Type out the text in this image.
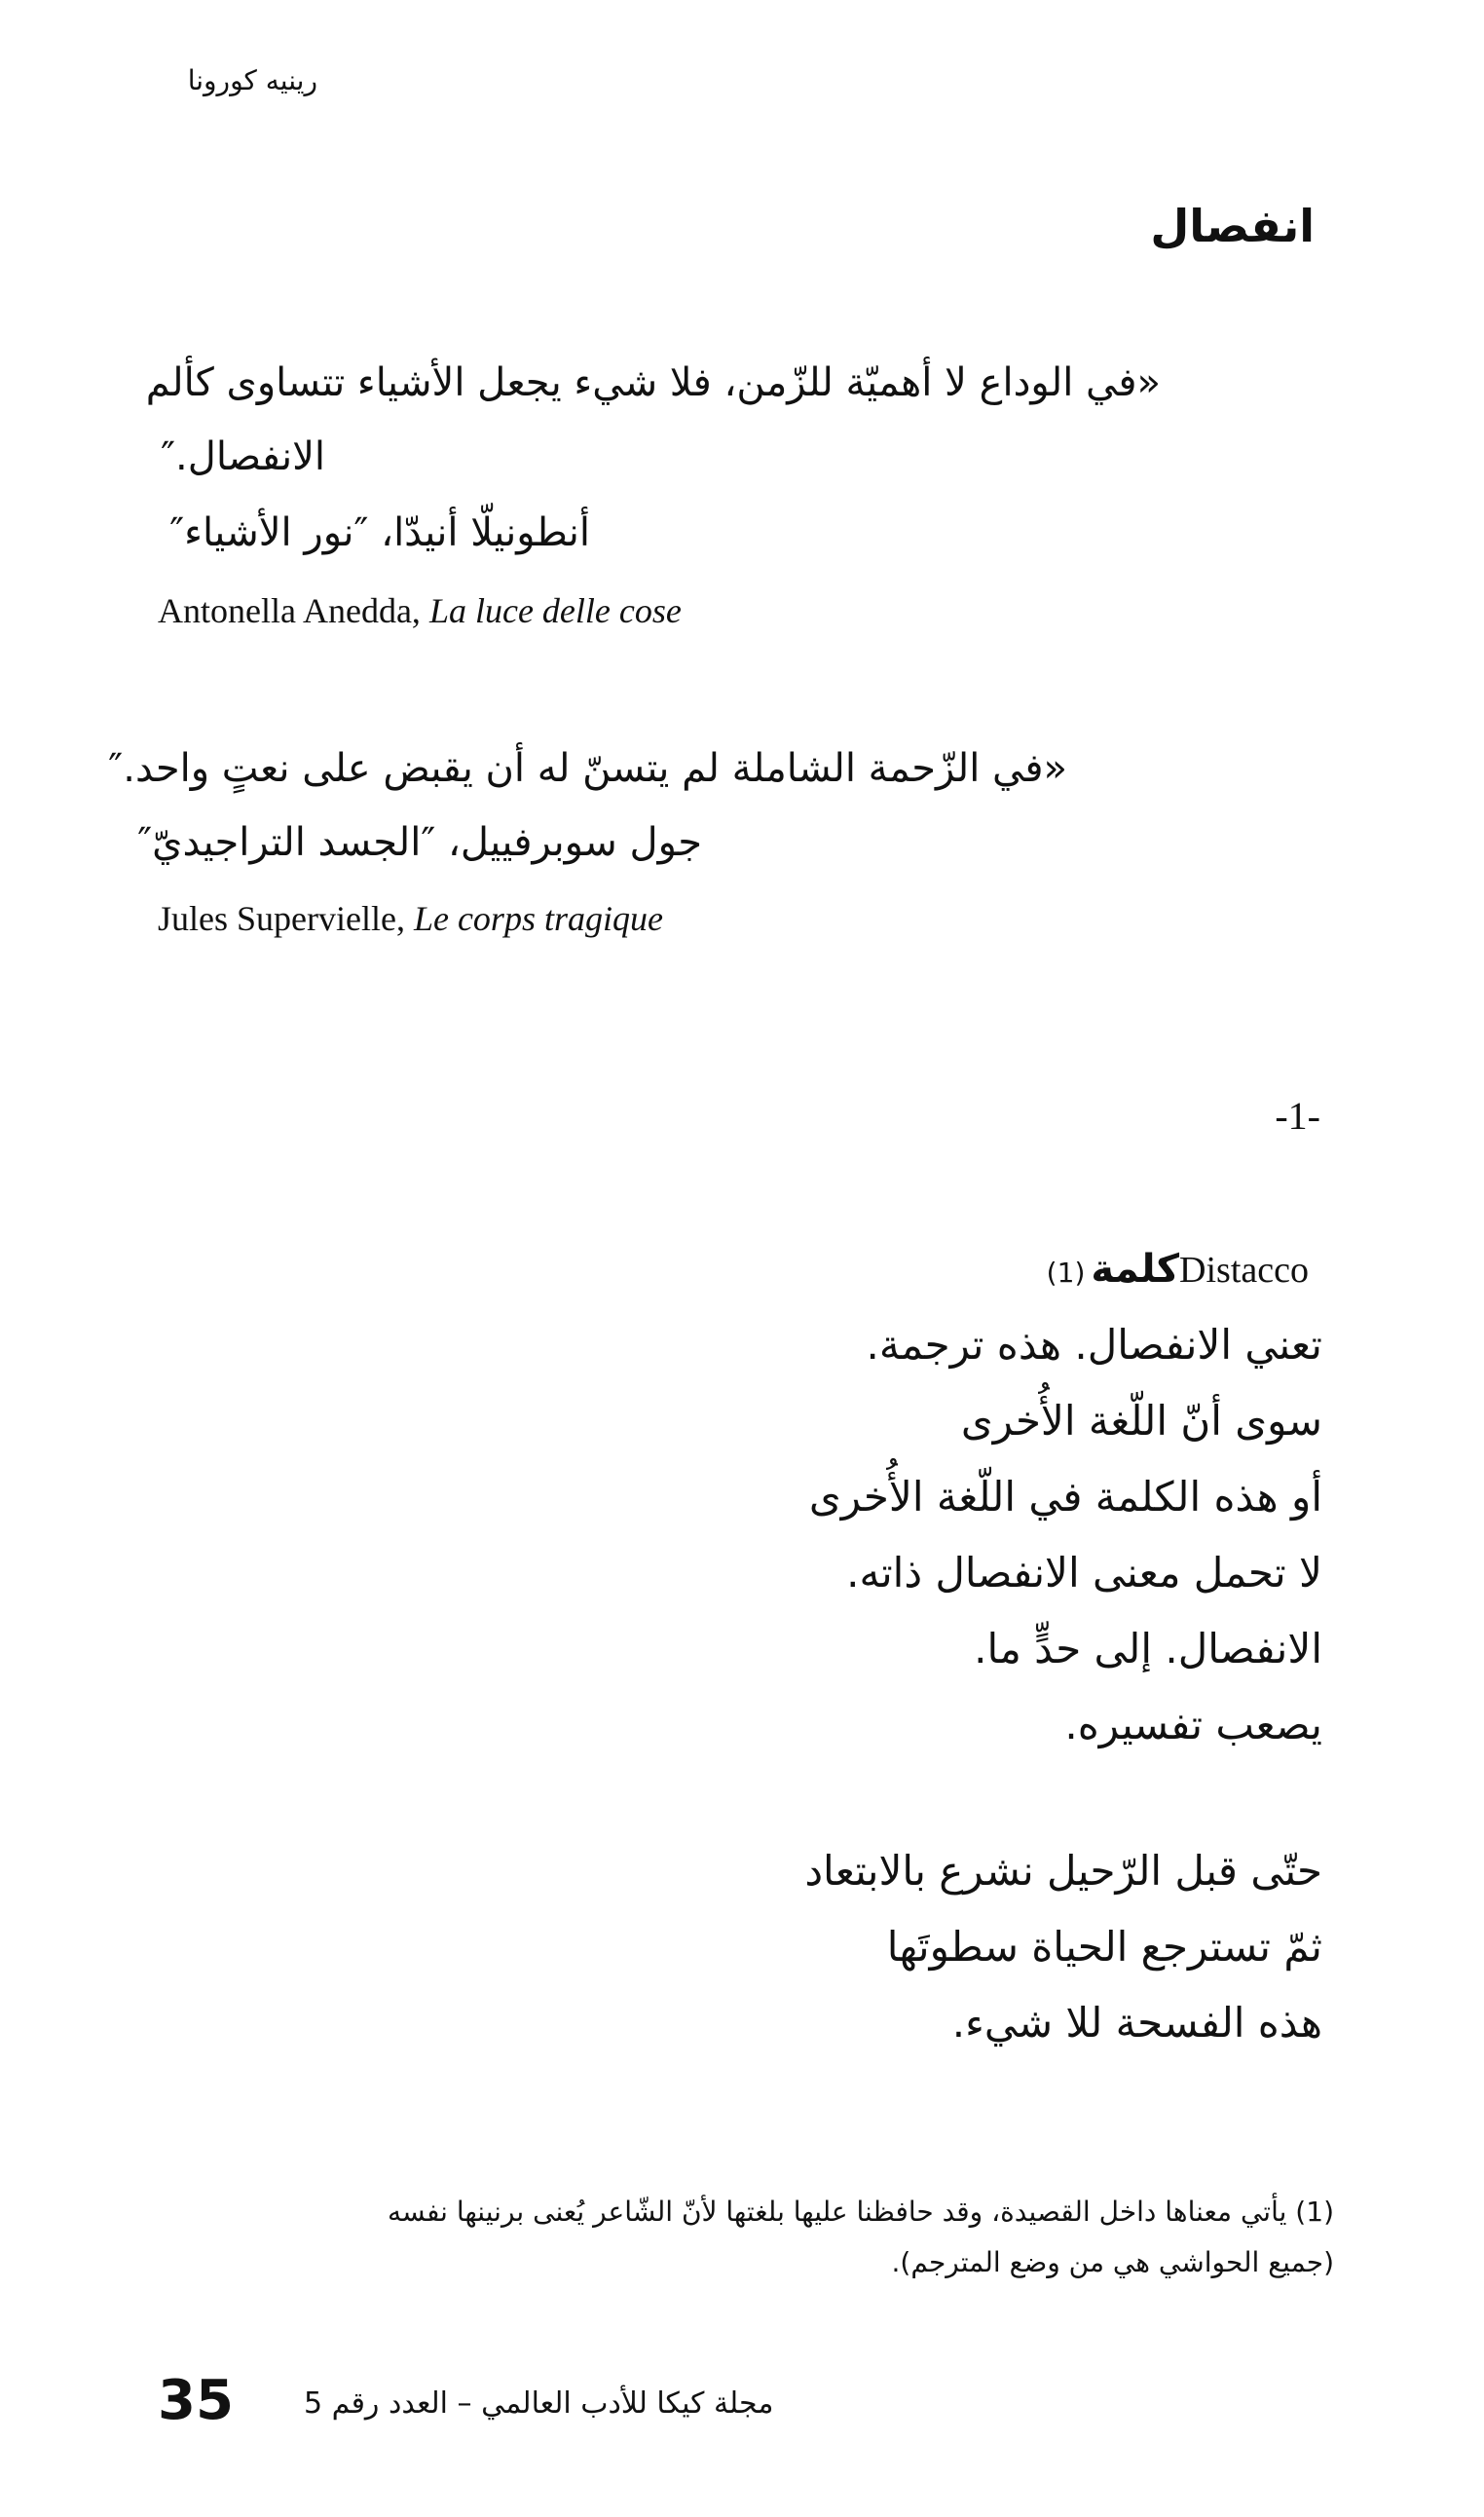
رينيه كورونا
انفصال
«في الوداع لا أهميّة للزّمن، فلا شيء يجعل الأشياء تتساوى كألم
الانفصال.″
أنطونيلّا أنيدّا، ″نور الأشياء″
Antonella Anedda, La luce delle cose
«في الزّحمة الشاملة لم يتسنّ له أن يقبض على نعتٍ واحد.″
جول سوبرفييل، ″الجسد التراجيديّ″
Jules Supervielle, Le corps tragique
-1-
كلمة(1)	Distacco
تعني الانفصال. هذه ترجمة.
سوى أنّ اللّغة الأُخرى
أو هذه الكلمة في اللّغة الأُخرى
لا تحمل معنى الانفصال ذاته.
الانفصال. إلى حدٍّ ما.
يصعب تفسيره.
حتّى قبل الرّحيل نشرع بالابتعاد
ثمّ تسترجع الحياة سطوتَها
هذه الفسحة للا شيء.
(1) يأتي معناها داخل القصيدة، وقد حافظنا عليها بلغتها لأنّ الشّاعر يُعنى برنينها نفسه
(جميع الحواشي هي من وضع المترجم).
35 مجلة كيكا للأدب العالمي – العدد رقم 5
